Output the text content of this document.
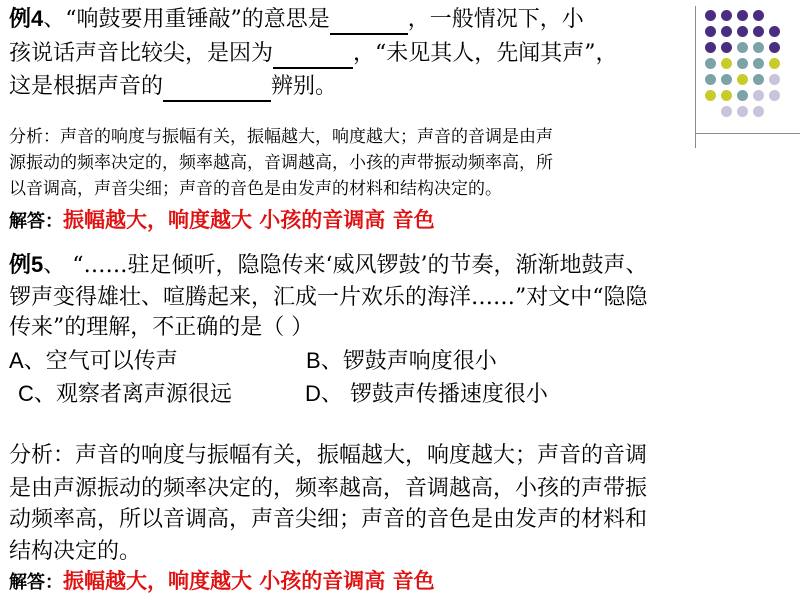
例4、“响鼓要用重锤敲”的意思是	，一般情况下，小
孩说话声音比较尖，是因为	，“未见其人，先闻其声”，
这是根据声音的	辨别。
分析：声音的响度与振幅有关，振幅越大，响度越大；声音的音调是由声
源振动的频率决定的，频率越高，音调越高，小孩的声带振动频率高，所
以音调高，声音尖细；声音的音色是由发声的材料和结构决定的。
解答：振幅越大，响度越大 小孩的音调高 音色
例5、 “……驻足倾听，隐隐传来‘威风锣鼓’的节奏，渐渐地鼓声、
锣声变得雄壮、喧腾起来，汇成一片欢乐的海洋……”对文中“隐隐
传来”的理解，不正确的是（ ）
A、空气可以传声	B、锣鼓声响度很小
C、观察者离声源很远	D、 锣鼓声传播速度很小
分析：声音的响度与振幅有关，振幅越大，响度越大；声音的音调
是由声源振动的频率决定的，频率越高，音调越高，小孩的声带振
动频率高，所以音调高，声音尖细；声音的音色是由发声的材料和
结构决定的。
解答：振幅越大，响度越大 小孩的音调高 音色
